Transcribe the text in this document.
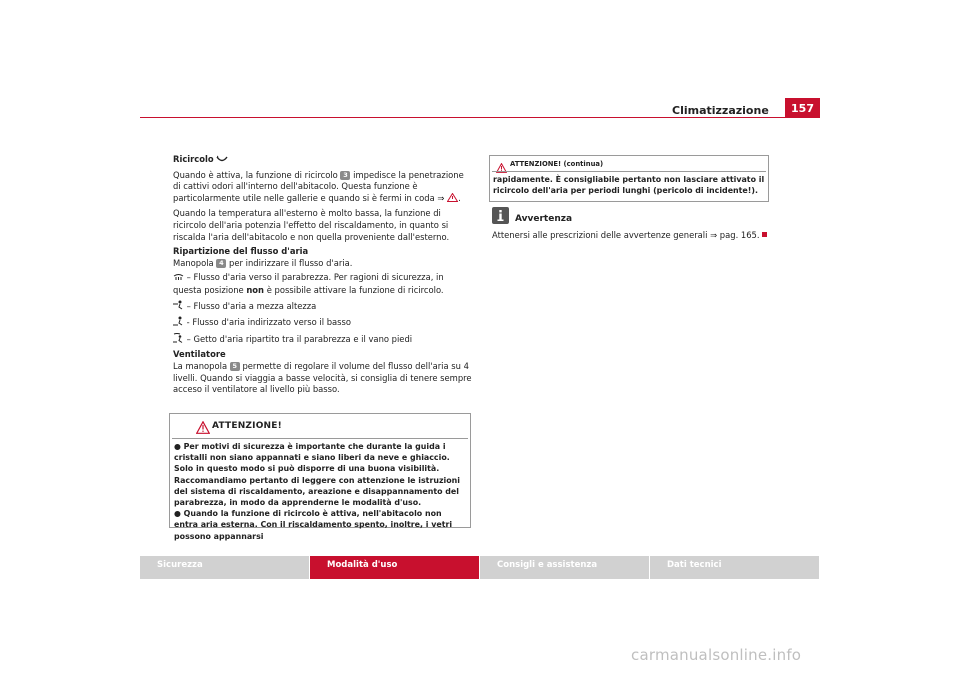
Climatizzazione	157

Ricircolo

Quando è attiva, la funzione di ricircolo 3 impedisce la penetrazione di cattivi odori all'interno dell'abitacolo. Questa funzione è particolarmente utile nelle gallerie e quando si è fermi in coda ⇒ .

Quando la temperatura all'esterno è molto bassa, la funzione di ricircolo dell'aria potenzia l'effetto del riscaldamento, in quanto si riscalda l'aria dell'abitacolo e non quella proveniente dall'esterno.

Ripartizione del flusso d'aria

Manopola 4 per indirizzare il flusso d'aria.

– Flusso d'aria verso il parabrezza. Per ragioni di sicurezza, in questa posizione non è possibile attivare la funzione di ricircolo.

– Flusso d'aria a mezza altezza

- Flusso d'aria indirizzato verso il basso

– Getto d'aria ripartito tra il parabrezza e il vano piedi

Ventilatore

La manopola 5 permette di regolare il volume del flusso dell'aria su 4 livelli. Quando si viaggia a basse velocità, si consiglia di tenere sempre acceso il ventilatore al livello più basso.

ATTENZIONE!

● Per motivi di sicurezza è importante che durante la guida i cristalli non siano appannati e siano liberi da neve e ghiaccio. Solo in questo modo si può disporre di una buona visibilità. Raccomandiamo pertanto di leggere con attenzione le istruzioni del sistema di riscaldamento, areazione e disappannamento del parabrezza, in modo da apprenderne le modalità d'uso.

● Quando la funzione di ricircolo è attiva, nell'abitacolo non entra aria esterna. Con il riscaldamento spento, inoltre, i vetri possono appannarsi

ATTENZIONE! (continua)
rapidamente. È consigliabile pertanto non lasciare attivato il ricircolo dell'aria per periodi lunghi (pericolo di incidente!).
Avvertenza
Attenersi alle prescrizioni delle avvertenze generali ⇒ pag. 165.
Sicurezza	Modalità d'uso	Consigli e assistenza	Dati tecnici
carmanualsonline.info
